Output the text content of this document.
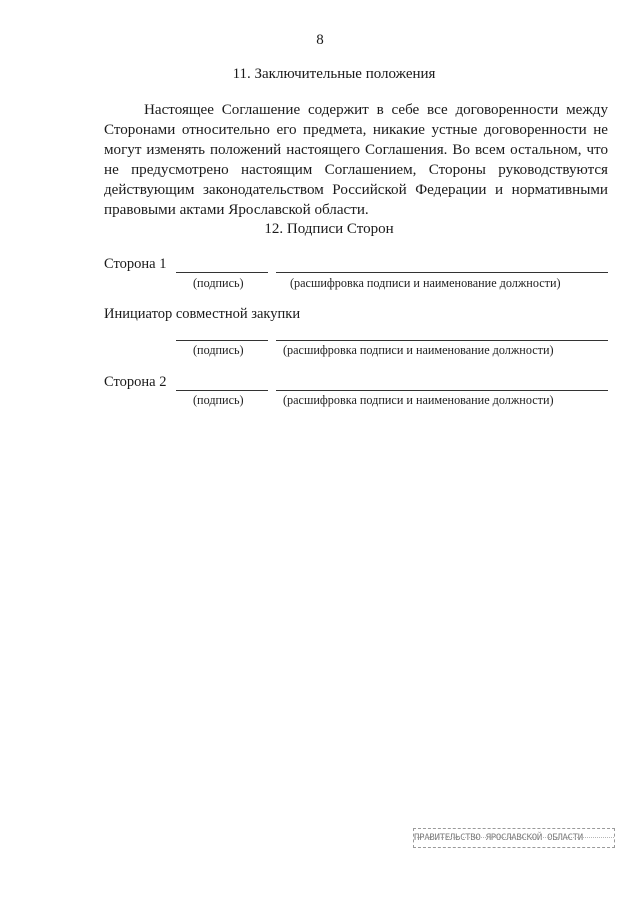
8
11. Заключительные положения

Настоящее Соглашение содержит в себе все договоренности между Сторонами относительно его предмета, никакие устные договоренности не могут изменять положений настоящего Соглашения. Во всем остальном, что не предусмотрено настоящим Соглашением, Стороны руководствуются действующим законодательством Российской Федерации и нормативными правовыми актами Ярославской области.

12. Подписи Сторон
Сторона 1
(подпись)	(расшифровка подписи и наименование должности)
Инициатор совместной закупки
(подпись)	(расшифровка подписи и наименование должности)
Сторона 2
(подпись)	(расшифровка подписи и наименование должности)
ПРАВИТЕЛЬСТВО ЯРОСЛАВСКОЙ ОБЛАСТИ
